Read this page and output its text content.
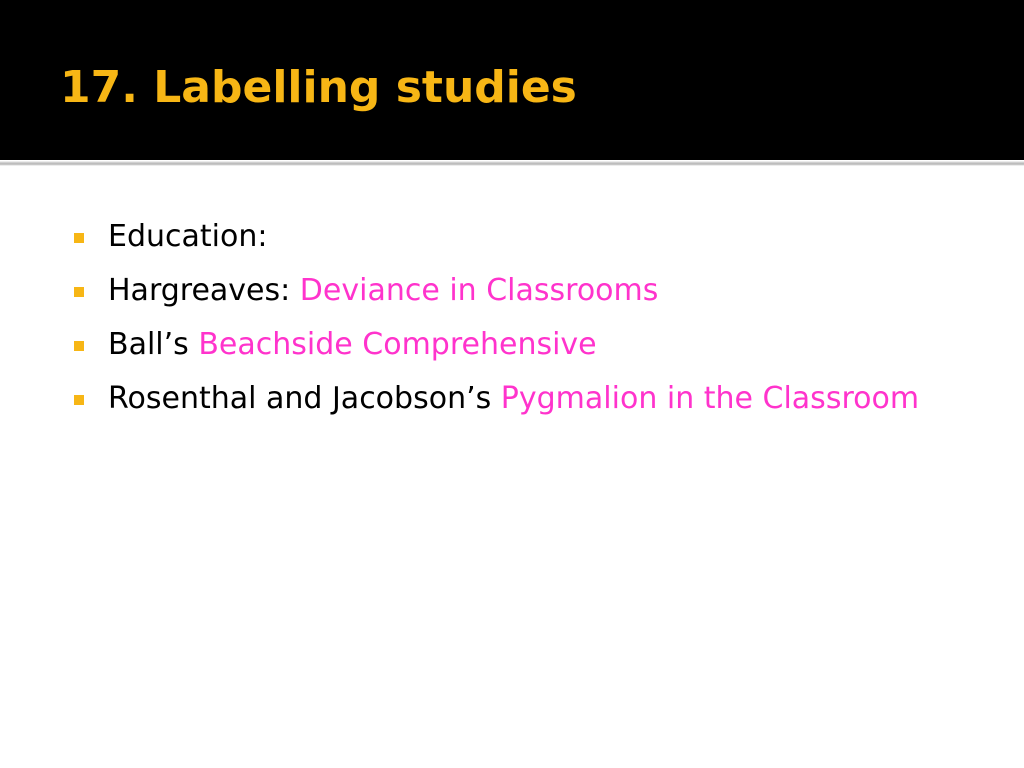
17. Labelling studies
Education:
Hargreaves: Deviance in Classrooms
Ball’s Beachside Comprehensive
Rosenthal and Jacobson’s Pygmalion in the Classroom
